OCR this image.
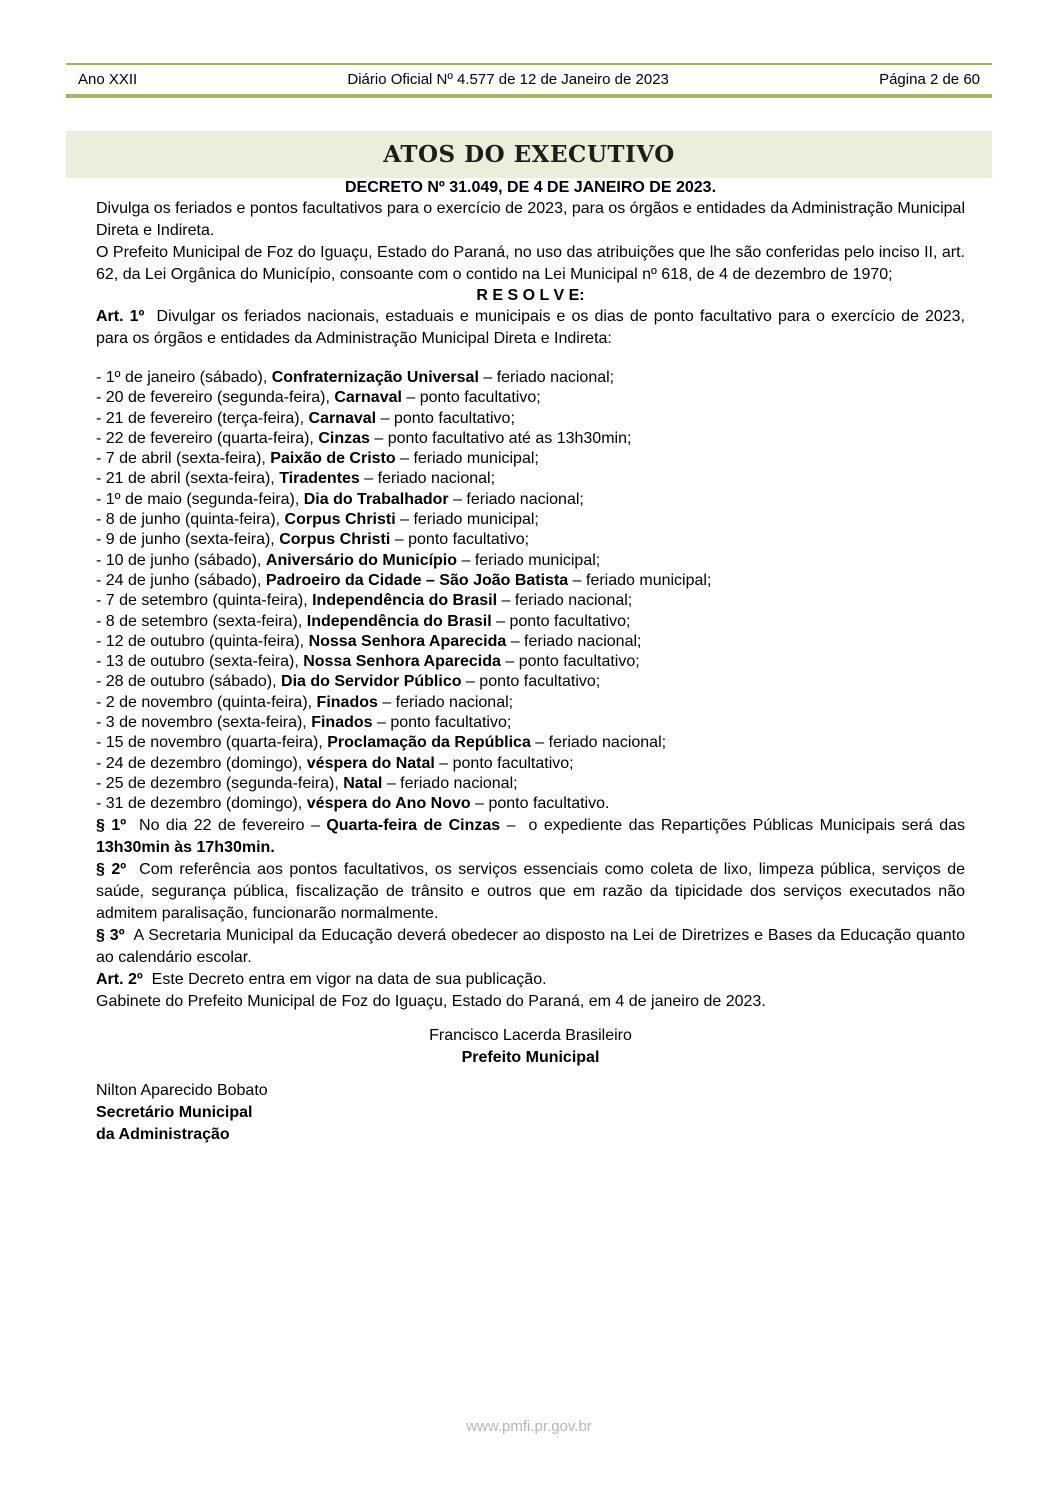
Ano XXII	Diário Oficial Nº 4.577 de 12 de Janeiro de 2023	Página 2 de 60
ATOS DO EXECUTIVO

DECRETO Nº 31.049, DE 4 DE JANEIRO DE 2023.

Divulga os feriados e pontos facultativos para o exercício de 2023, para os órgãos e entidades da Administração Municipal Direta e Indireta.

O Prefeito Municipal de Foz do Iguaçu, Estado do Paraná, no uso das atribuições que lhe são conferidas pelo inciso II, art. 62, da Lei Orgânica do Município, consoante com o contido na Lei Municipal nº 618, de 4 de dezembro de 1970;

R E S O L V E:

Art. 1º  Divulgar os feriados nacionais, estaduais e municipais e os dias de ponto facultativo para o exercício de 2023, para os órgãos e entidades da Administração Municipal Direta e Indireta:

- 1º de janeiro (sábado), Confraternização Universal – feriado nacional;
- 20 de fevereiro (segunda-feira), Carnaval – ponto facultativo;
- 21 de fevereiro (terça-feira), Carnaval – ponto facultativo;
- 22 de fevereiro (quarta-feira), Cinzas – ponto facultativo até as 13h30min;
- 7 de abril (sexta-feira), Paixão de Cristo – feriado municipal;
- 21 de abril (sexta-feira), Tiradentes – feriado nacional;
- 1º de maio (segunda-feira), Dia do Trabalhador – feriado nacional;
- 8 de junho (quinta-feira), Corpus Christi – feriado municipal;
- 9 de junho (sexta-feira), Corpus Christi – ponto facultativo;
- 10 de junho (sábado), Aniversário do Município – feriado municipal;
- 24 de junho (sábado), Padroeiro da Cidade – São João Batista – feriado municipal;
- 7 de setembro (quinta-feira), Independência do Brasil – feriado nacional;
- 8 de setembro (sexta-feira), Independência do Brasil – ponto facultativo;
- 12 de outubro (quinta-feira), Nossa Senhora Aparecida – feriado nacional;
- 13 de outubro (sexta-feira), Nossa Senhora Aparecida – ponto facultativo;
- 28 de outubro (sábado), Dia do Servidor Público – ponto facultativo;
- 2 de novembro (quinta-feira), Finados – feriado nacional;
- 3 de novembro (sexta-feira), Finados – ponto facultativo;
- 15 de novembro (quarta-feira), Proclamação da República – feriado nacional;
- 24 de dezembro (domingo), véspera do Natal – ponto facultativo;
- 25 de dezembro (segunda-feira), Natal – feriado nacional;
- 31 de dezembro (domingo), véspera do Ano Novo – ponto facultativo.

§ 1º  No dia 22 de fevereiro – Quarta-feira de Cinzas –  o expediente das Repartições Públicas Municipais será das 13h30min às 17h30min.

§ 2º  Com referência aos pontos facultativos, os serviços essenciais como coleta de lixo, limpeza pública, serviços de saúde, segurança pública, fiscalização de trânsito e outros que em razão da tipicidade dos serviços executados não admitem paralisação, funcionarão normalmente.

§ 3º  A Secretaria Municipal da Educação deverá obedecer ao disposto na Lei de Diretrizes e Bases da Educação quanto ao calendário escolar.

Art. 2º  Este Decreto entra em vigor na data de sua publicação.

Gabinete do Prefeito Municipal de Foz do Iguaçu, Estado do Paraná, em 4 de janeiro de 2023.

Francisco Lacerda Brasileiro
Prefeito Municipal
Nilton Aparecido Bobato
Secretário Municipal
da Administração
www.pmfi.pr.gov.br
